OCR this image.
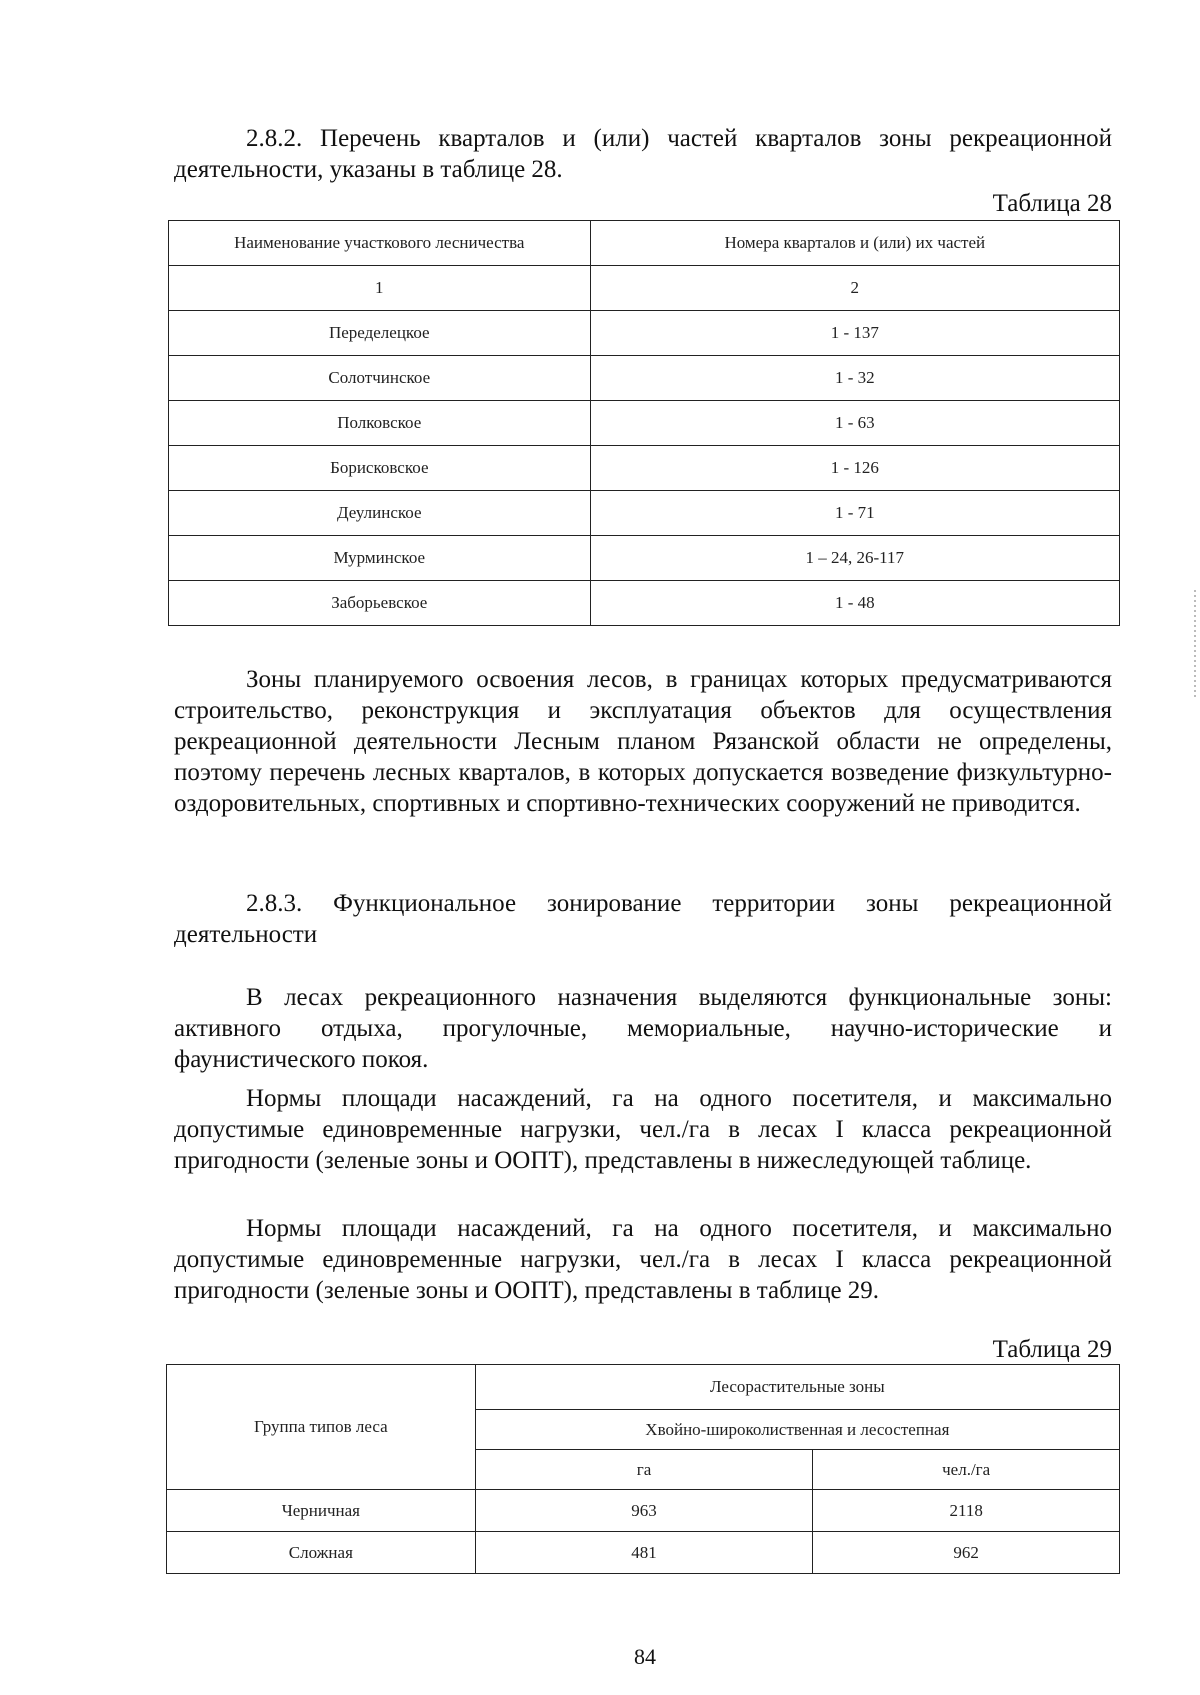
2.8.2. Перечень кварталов и (или) частей кварталов зоны рекреационной деятельности, указаны в таблице 28.

Таблица 28
Наименование участкового лесничества	Номера кварталов и (или) их частей
1	2
Переделецкое	1 - 137
Солотчинское	1 - 32
Полковское	1 - 63
Борисковское	1 - 126
Деулинское	1 - 71
Мурминское	1 – 24, 26-117
Заборьевское	1 - 48

Зоны планируемого освоения лесов, в границах которых предусматриваются строительство, реконструкция и эксплуатация объектов для осуществления рекреационной деятельности Лесным планом Рязанской области не определены, поэтому перечень лесных кварталов, в которых допускается возведение физкультурно-оздоровительных, спортивных и спортивно-технических сооружений не приводится.

2.8.3. Функциональное зонирование территории зоны рекреационной деятельности

В лесах рекреационного назначения выделяются функциональные зоны: активного отдыха, прогулочные, мемориальные, научно-исторические и фаунистического покоя.

Нормы площади насаждений, га на одного посетителя, и максимально допустимые единовременные нагрузки, чел./га в лесах I класса рекреационной пригодности (зеленые зоны и ООПТ), представлены в нижеследующей таблице.

Нормы площади насаждений, га на одного посетителя, и максимально допустимые единовременные нагрузки, чел./га в лесах I класса рекреационной пригодности (зеленые зоны и ООПТ), представлены в таблице 29.

Таблица 29
Группа типов леса	Лесорастительные зоны	
	Хвойно-широколиственная и лесостепная	
	га	чел./га
Черничная	963	2118
Сложная	481	962
84
